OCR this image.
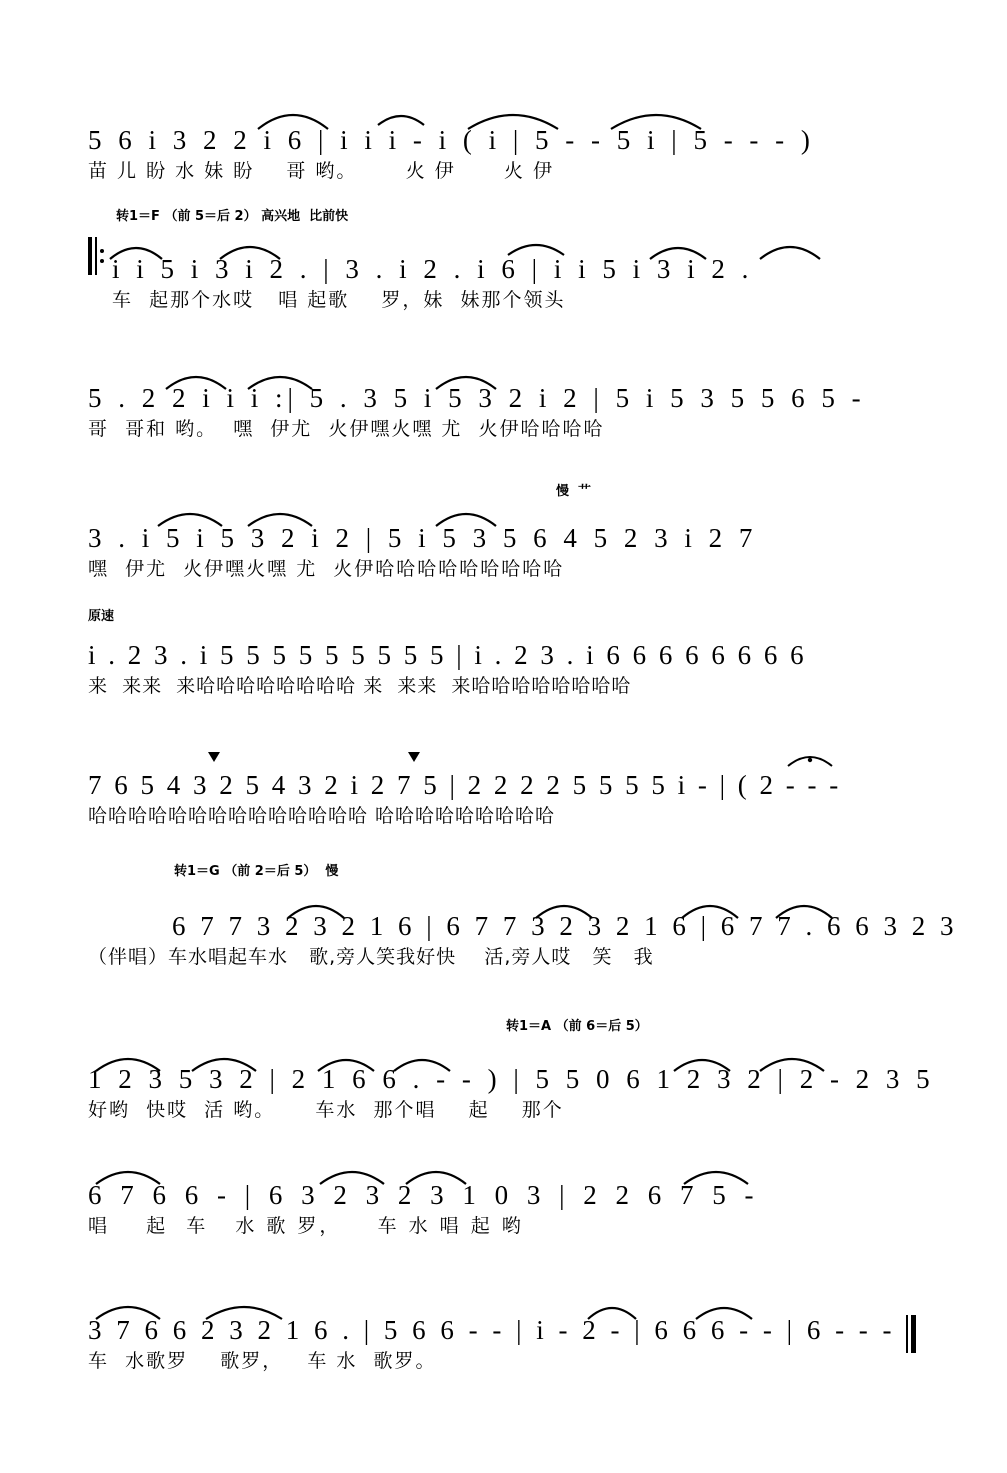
5 6 i 3 2 2 i 6 | i i i - i ( i | 5 - - 5 i | 5 - - - )
苗 儿 盼 水 妹 盼    哥 哟。      火 伊      火 伊
转1＝F （前 5＝后 2） 高兴地  比前快
i i 5 i 3 i 2 . | 3 . i 2 . i 6 | i i 5 i 3 i 2 .
车  起那个水哎   唱 起歌    罗，妹  妹那个领头
5 . 2 2 i i i :| 5 . 3 5 i 5 3 2 i 2 | 5 i 5 3 5 5 6 5 -
哥  哥和 哟。  嘿  伊尤  火伊嘿火嘿 尤  火伊哈哈哈哈
慢  艹
3 . i 5 i 5 3 2 i 2 | 5 i 5 3 5 6 4 5 2 3 i 2 7
嘿  伊尤  火伊嘿火嘿 尤  火伊哈哈哈哈哈哈哈哈哈
原速
i . 2 3 . i 5 5 5 5 5 5 5 5 5 | i . 2 3 . i 6 6 6 6 6 6 6 6
来  来来  来哈哈哈哈哈哈哈哈 来  来来  来哈哈哈哈哈哈哈哈
7 6 5 4 3 2 5 4 3 2 i 2 7 5 | 2 2 2 2 5 5 5 5 i - | ( 2 - - -
哈哈哈哈哈哈哈哈哈哈哈哈哈哈 哈哈哈哈哈哈哈哈哈
转1＝G （前 2＝后 5）  慢
6 7 7 3 2 3 2 1 6 | 6 7 7 3 2 3 2 1 6 | 6 7 7 . 6 6 3 2 3
（伴唱）车水唱起车水   歌,旁人笑我好快    活,旁人哎   笑   我
转1＝A （前 6＝后 5）
1 2 3 5 3 2 | 2 1 6 6 . - - ) | 5 5 0 6 1 2 3 2 | 2 - 2 3 5
好哟  快哎  活 哟。     车水  那个唱    起    那个
6 7 6 6 - | 6 3 2 3 2 3 1 0 3 | 2 2 6 7 5 -
唱    起  车   水 歌 罗，    车 水 唱 起 哟
3 7 6 6 2 3 2 1 6 . | 5 6 6 - - | i - 2 - | 6 6 6 - - | 6 - - -
车  水歌罗    歌罗，   车 水  歌罗。
